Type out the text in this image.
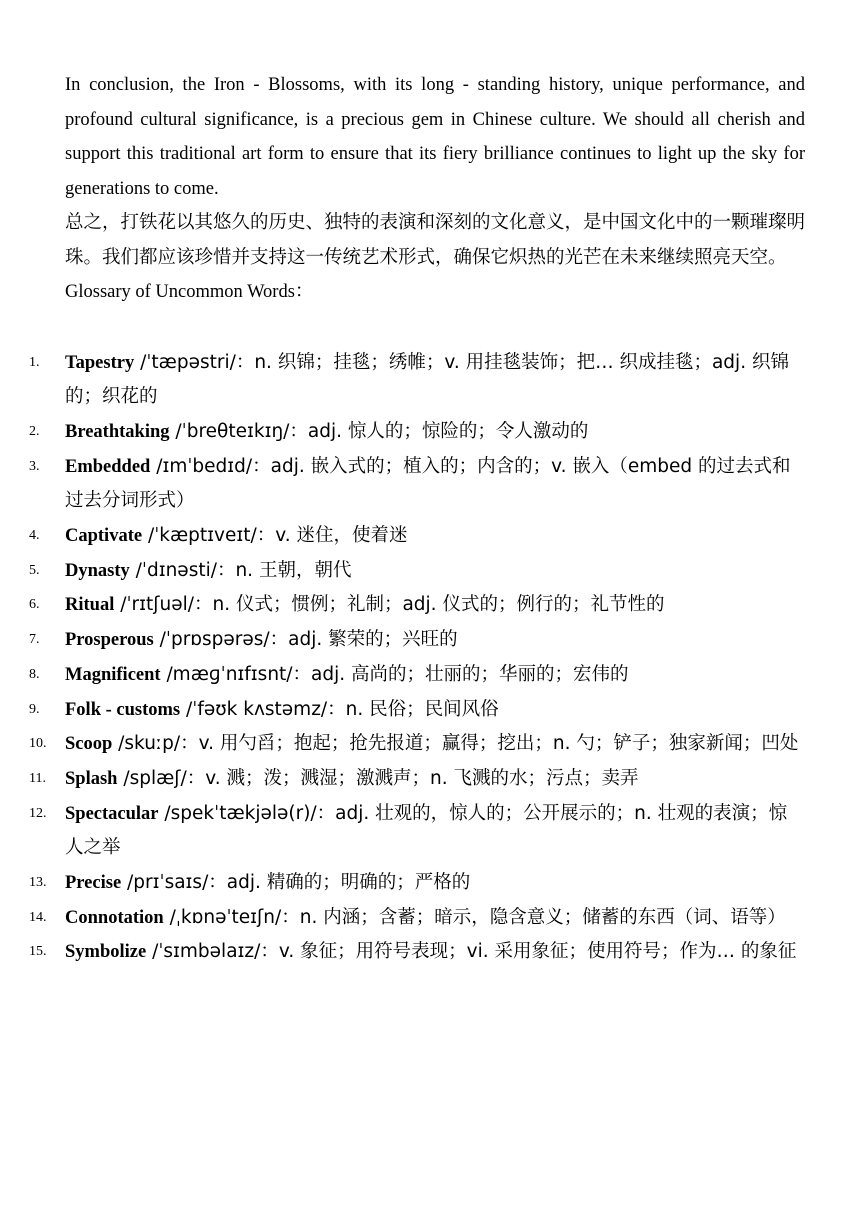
In conclusion, the Iron - Blossoms, with its long - standing history, unique performance, and profound cultural significance, is a precious gem in Chinese culture. We should all cherish and support this traditional art form to ensure that its fiery brilliance continues to light up the sky for generations to come.

总之，打铁花以其悠久的历史、独特的表演和深刻的文化意义，是中国文化中的一颗璀璨明珠。我们都应该珍惜并支持这一传统艺术形式，确保它炽热的光芒在未来继续照亮天空。

Glossary of Uncommon Words：

1.	Tapestry /ˈtæpəstri/：n. 织锦；挂毯；绣帷；v. 用挂毯装饰；把… 织成挂毯；adj. 织锦的；织花的
2.	Breathtaking /ˈbreθteɪkɪŋ/：adj. 惊人的；惊险的；令人激动的
3.	Embedded /ɪmˈbedɪd/：adj. 嵌入式的；植入的；内含的；v. 嵌入（embed 的过去式和过去分词形式）
4.	Captivate /ˈkæptɪveɪt/：v. 迷住，使着迷
5.	Dynasty /ˈdɪnəsti/：n. 王朝，朝代
6.	Ritual /ˈrɪtʃuəl/：n. 仪式；惯例；礼制；adj. 仪式的；例行的；礼节性的
7.	Prosperous /ˈprɒspərəs/：adj. 繁荣的；兴旺的
8.	Magnificent /mæɡˈnɪfɪsnt/：adj. 高尚的；壮丽的；华丽的；宏伟的
9.	Folk - customs /ˈfəʊk kʌstəmz/：n. 民俗；民间风俗
10.	Scoop /skuːp/：v. 用勺舀；抱起；抢先报道；赢得；挖出；n. 勺；铲子；独家新闻；凹处
11.	Splash /splæʃ/：v. 溅；泼；溅湿；激溅声；n. 飞溅的水；污点；卖弄
12.	Spectacular /spekˈtækjələ(r)/：adj. 壮观的，惊人的；公开展示的；n. 壮观的表演；惊人之举
13.	Precise /prɪˈsaɪs/：adj. 精确的；明确的；严格的
14.	Connotation /ˌkɒnəˈteɪʃn/：n. 内涵；含蓄；暗示，隐含意义；储蓄的东西（词、语等）
15.	Symbolize /ˈsɪmbəlaɪz/：v. 象征；用符号表现；vi. 采用象征；使用符号；作为… 的象征
